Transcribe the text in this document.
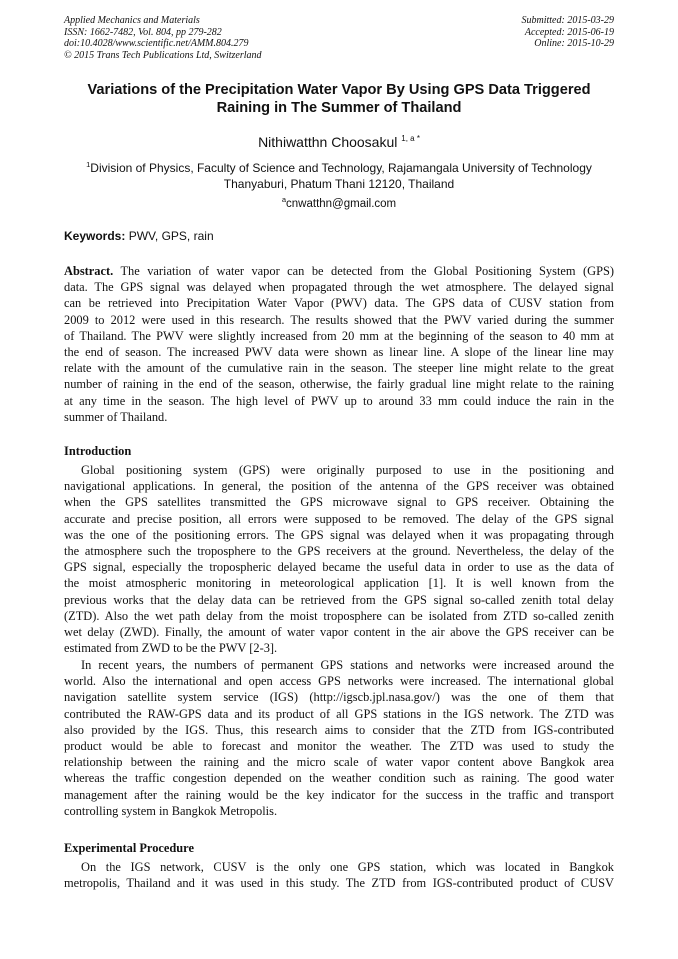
Applied Mechanics and Materials
ISSN: 1662-7482, Vol. 804, pp 279-282
doi:10.4028/www.scientific.net/AMM.804.279
© 2015 Trans Tech Publications Ltd, Switzerland
Submitted: 2015-03-29
Accepted: 2015-06-19
Online: 2015-10-29
Variations of the Precipitation Water Vapor By Using GPS Data Triggered
Raining in The Summer of Thailand
Nithiwatthn Choosakul $^{1, a *}$
$^1$Division of Physics, Faculty of Science and Technology, Rajamangala University of Technology
Thanyaburi, Phatum Thani 12120, Thailand
$^a$cnwatthn@gmail.com
Keywords: PWV, GPS, rain
Abstract. The variation of water vapor can be detected from the Global Positioning System (GPS)
data. The GPS signal was delayed when propagated through the wet atmosphere. The delayed signal
can be retrieved into Precipitation Water Vapor (PWV) data. The GPS data of CUSV station from
2009 to 2012 were used in this research. The results showed that the PWV varied during the summer
of Thailand. The PWV were slightly increased from 20 mm at the beginning of the season to 40 mm at
the end of season. The increased PWV data were shown as linear line. A slope of the linear line may
relate with the amount of the cumulative rain in the season. The steeper line might relate to the great
number of raining in the end of the season, otherwise, the fairly gradual line might relate to the raining
at any time in the season. The high level of PWV up to around 33 mm could induce the rain in the
summer of Thailand.
Introduction
Global positioning system (GPS) were originally purposed to use in the positioning and
navigational applications. In general, the position of the antenna of the GPS receiver was obtained
when the GPS satellites transmitted the GPS microwave signal to GPS receiver. Obtaining the
accurate and precise position, all errors were supposed to be removed. The delay of the GPS signal
was the one of the positioning errors. The GPS signal was delayed when it was propagating through
the atmosphere such the troposphere to the GPS receivers at the ground. Nevertheless, the delay of the
GPS signal, especially the tropospheric delayed became the useful data in order to use as the data of
the moist atmospheric monitoring in meteorological application [1]. It is well known from the
previous works that the delay data can be retrieved from the GPS signal so-called zenith total delay
(ZTD). Also the wet path delay from the moist troposphere can be isolated from ZTD so-called zenith
wet delay (ZWD). Finally, the amount of water vapor content in the air above the GPS receiver can be
estimated from ZWD to be the PWV [2-3].
In recent years, the numbers of permanent GPS stations and networks were increased around the
world. Also the international and open access GPS networks were increased. The international global
navigation satellite system service (IGS) (http://igscb.jpl.nasa.gov/) was the one of them that
contributed the RAW-GPS data and its product of all GPS stations in the IGS network. The ZTD was
also provided by the IGS. Thus, this research aims to consider that the ZTD from IGS-contributed
product would be able to forecast and monitor the weather. The ZTD was used to study the
relationship between the raining and the micro scale of water vapor content above Bangkok area
whereas the traffic congestion depended on the weather condition such as raining. The good water
management after the raining would be the key indicator for the success in the traffic and transport
controlling system in Bangkok Metropolis.
Experimental Procedure
On the IGS network, CUSV is the only one GPS station, which was located in Bangkok
metropolis, Thailand and it was used in this study. The ZTD from IGS-contributed product of CUSV
